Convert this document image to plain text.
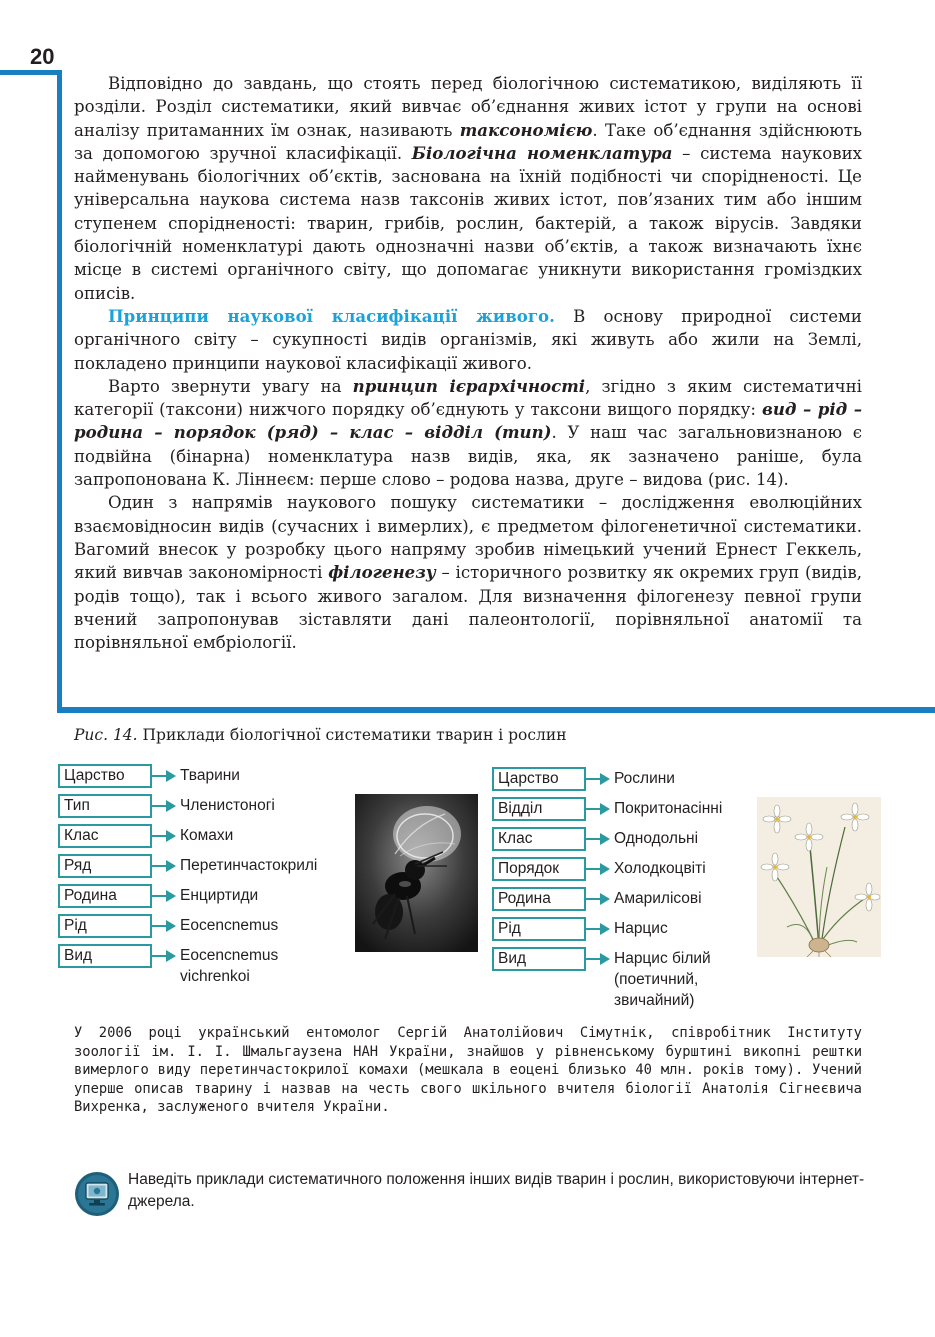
20

Відповідно до завдань, що стоять перед біологічною систематикою, виділяють її розділи. Розділ систематики, який вивчає об’єднання живих істот у групи на основі аналізу притаманних їм ознак, називають таксономією. Таке об’єднання здійснюють за допомогою зручної класифікації. Біологічна номенклатура – система наукових найменувань біологічних об’єктів, заснована на їхній подібності чи спорідненості. Це універсальна наукова система назв таксонів живих істот, пов’язаних тим або іншим ступенем спорідненості: тварин, грибів, рослин, бактерій, а також вірусів. Завдяки біологічній номенклатурі дають однозначні назви об’єктів, а також визначають їхнє місце в системі органічного світу, що допомагає уникнути використання громіздких описів.

Принципи наукової класифікації живого. В основу природної системи органічного світу – сукупності видів організмів, які живуть або жили на Землі, покладено принципи наукової класифікації живого.

Варто звернути увагу на принцип ієрархічності, згідно з яким систематичні категорії (таксони) нижчого порядку об’єднують у таксони вищого порядку: вид – рід – родина – порядок (ряд) – клас – відділ (тип). У наш час загальновизнаною є подвійна (бінарна) номенклатура назв видів, яка, як зазначено раніше, була запропонована К. Ліннеєм: перше слово – родова назва, друге – видова (рис. 14).

Один з напрямів наукового пошуку систематики – дослідження еволюційних взаємовідносин видів (сучасних і вимерлих), є предметом філогенетичної систематики. Вагомий внесок у розробку цього напряму зробив німецький учений Ернест Геккель, який вивчав закономірності філогенезу – історичного розвитку як окремих груп (видів, родів тощо), так і всього живого загалом. Для визначення філогенезу певної групи вчений запропонував зіставляти дані палеонтології, порівняльної анатомії та порівняльної ембріології.

Рис. 14. Приклади біологічної систематики тварин і рослин
Царство	Тварини
Тип	Членистоногі
Клас	Комахи
Ряд	Перетинчастокрилі
Родина	Енциртиди
Рід	Eocencnemus
Вид	Eocencnemus
vichrenkoi
Царство	Рослини
Відділ	Покритонасінні
Клас	Однодольні
Порядок	Холодкоцвіті
Родина	Амарилісові
Рід	Нарцис
Вид	Нарцис білий
(поетичний,
звичайний)
У 2006 році український ентомолог Сергій Анатолійович Сімутнік, співробітник Інституту зоології ім. І. І. Шмальгаузена НАН України, знайшов у рівненському бурштині викопні рештки вимерлого виду перетинчастокрилої комахи (мешкала в еоцені близько 40 млн. років тому). Учений уперше описав тварину і назвав на честь свого шкільного вчителя біології Анатолія Сігнеєвича Вихренка, заслуженого вчителя України.
Наведіть приклади систематичного положення інших видів тварин і рослин, використовуючи інтернет-джерела.
